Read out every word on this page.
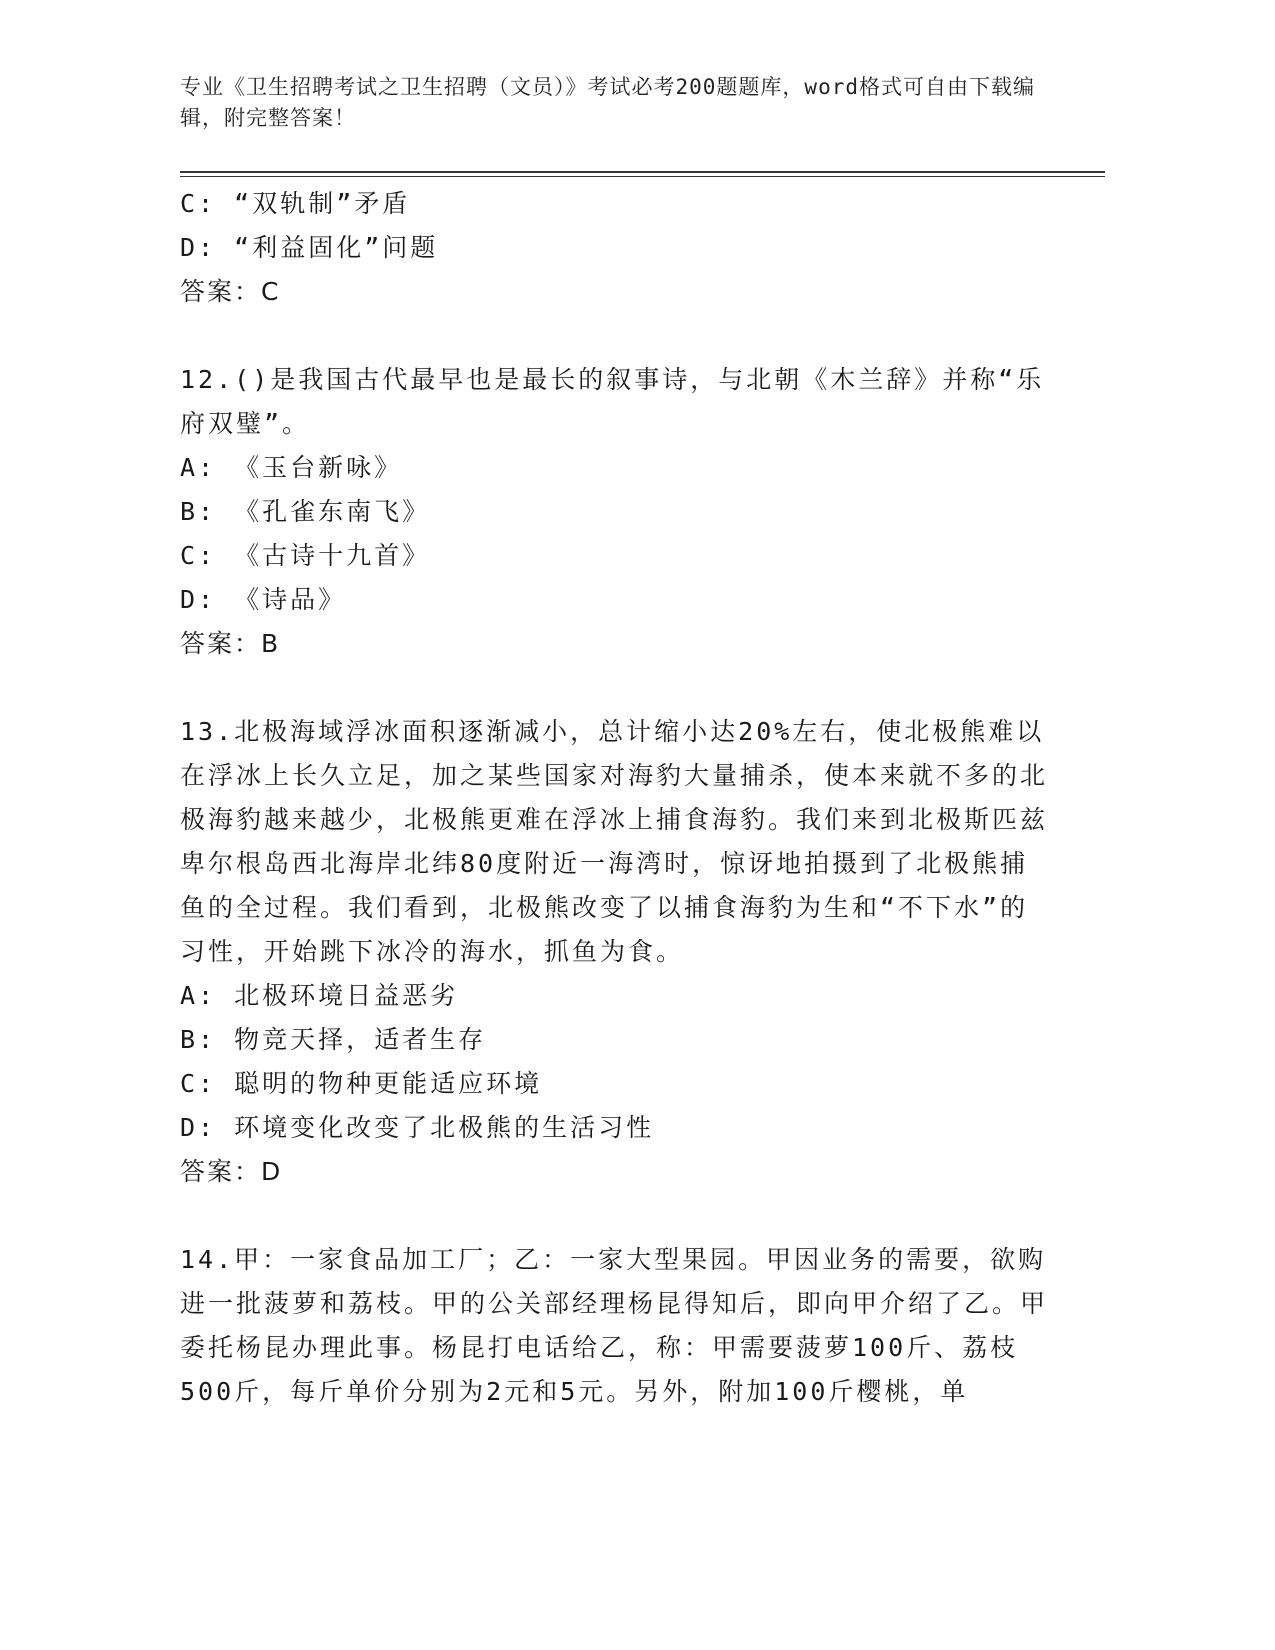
专业《卫生招聘考试之卫生招聘（文员）》考试必考200题题库，word格式可自由下载编辑，附完整答案！

C: “双轨制”矛盾

D: “利益固化”问题

答案：C

12.()是我国古代最早也是最长的叙事诗，与北朝《木兰辞》并称“乐府双璧”。

A: 《玉台新咏》

B: 《孔雀东南飞》

C: 《古诗十九首》

D: 《诗品》

答案：B

13.北极海域浮冰面积逐渐减小，总计缩小达20%左右，使北极熊难以在浮冰上长久立足，加之某些国家对海豹大量捕杀，使本来就不多的北极海豹越来越少，北极熊更难在浮冰上捕食海豹。我们来到北极斯匹兹卑尔根岛西北海岸北纬80度附近一海湾时，惊讶地拍摄到了北极熊捕鱼的全过程。我们看到，北极熊改变了以捕食海豹为生和“不下水”的习性，开始跳下冰冷的海水，抓鱼为食。

A: 北极环境日益恶劣

B: 物竞天择，适者生存

C: 聪明的物种更能适应环境

D: 环境变化改变了北极熊的生活习性

答案：D

14.甲：一家食品加工厂；乙：一家大型果园。甲因业务的需要，欲购进一批菠萝和荔枝。甲的公关部经理杨昆得知后，即向甲介绍了乙。甲委托杨昆办理此事。杨昆打电话给乙，称：甲需要菠萝100斤、荔枝500斤，每斤单价分别为2元和5元。另外，附加100斤樱桃，单
